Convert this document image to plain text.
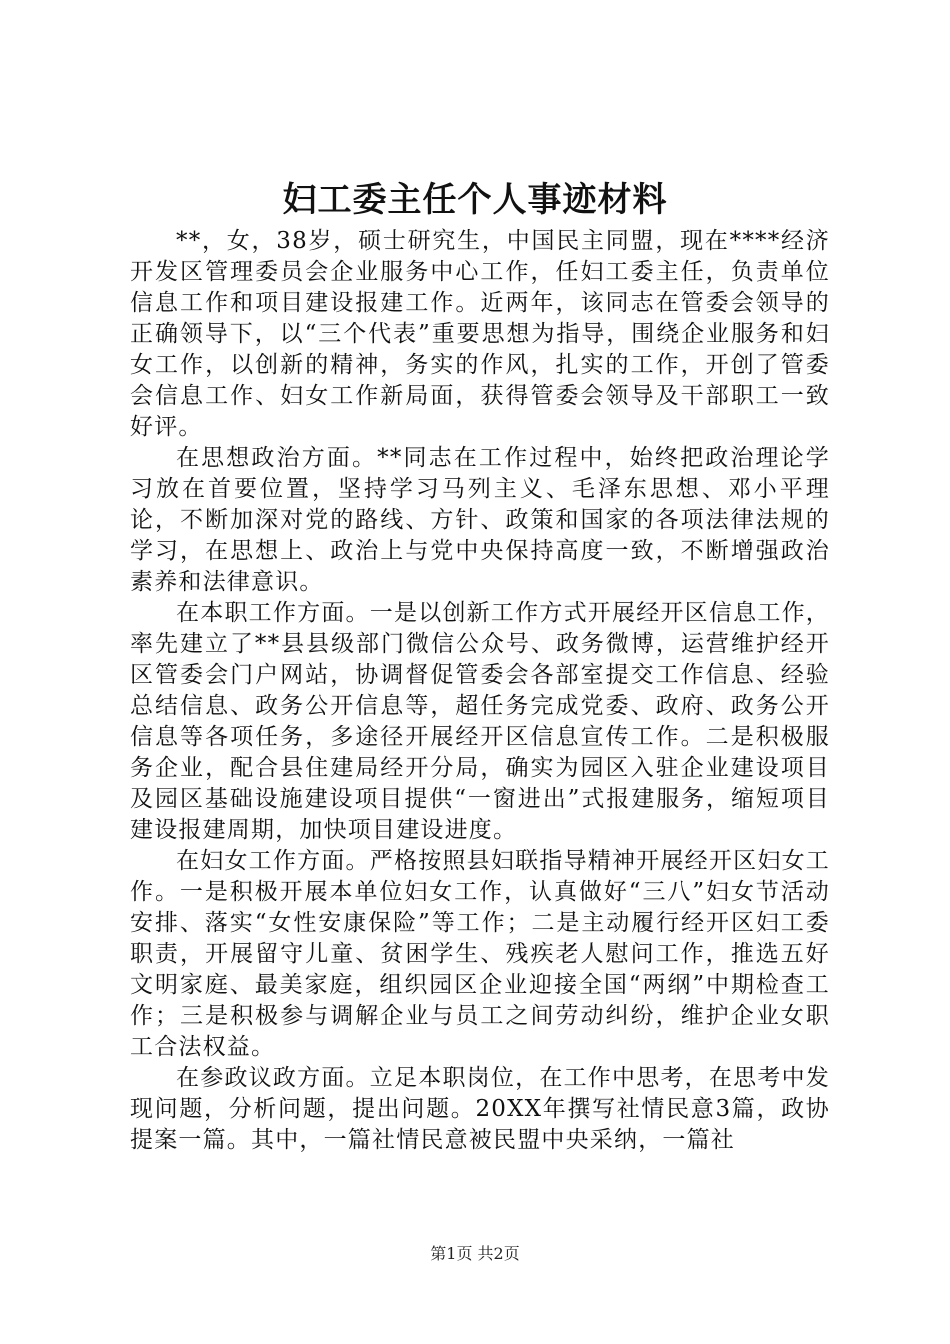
妇工委主任个人事迹材料

**，女，38岁，硕士研究生，中国民主同盟，现在****经济开发区管理委员会企业服务中心工作，任妇工委主任，负责单位信息工作和项目建设报建工作。近两年，该同志在管委会领导的正确领导下，以“三个代表”重要思想为指导，围绕企业服务和妇女工作，以创新的精神，务实的作风，扎实的工作，开创了管委会信息工作、妇女工作新局面，获得管委会领导及干部职工一致好评。

在思想政治方面。**同志在工作过程中，始终把政治理论学习放在首要位置，坚持学习马列主义、毛泽东思想、邓小平理论，不断加深对党的路线、方针、政策和国家的各项法律法规的学习，在思想上、政治上与党中央保持高度一致，不断增强政治素养和法律意识。

在本职工作方面。一是以创新工作方式开展经开区信息工作，率先建立了**县县级部门微信公众号、政务微博，运营维护经开区管委会门户网站，协调督促管委会各部室提交工作信息、经验总结信息、政务公开信息等，超任务完成党委、政府、政务公开信息等各项任务，多途径开展经开区信息宣传工作。二是积极服务企业，配合县住建局经开分局，确实为园区入驻企业建设项目及园区基础设施建设项目提供“一窗进出”式报建服务，缩短项目建设报建周期，加快项目建设进度。

在妇女工作方面。严格按照县妇联指导精神开展经开区妇女工作。一是积极开展本单位妇女工作，认真做好“三八”妇女节活动安排、落实“女性安康保险”等工作；二是主动履行经开区妇工委职责，开展留守儿童、贫困学生、残疾老人慰问工作，推选五好文明家庭、最美家庭，组织园区企业迎接全国“两纲”中期检查工作；三是积极参与调解企业与员工之间劳动纠纷，维护企业女职工合法权益。

在参政议政方面。立足本职岗位，在工作中思考，在思考中发现问题，分析问题，提出问题。20XX年撰写社情民意3篇，政协提案一篇。其中，一篇社情民意被民盟中央采纳，一篇社

第1页 共2页
